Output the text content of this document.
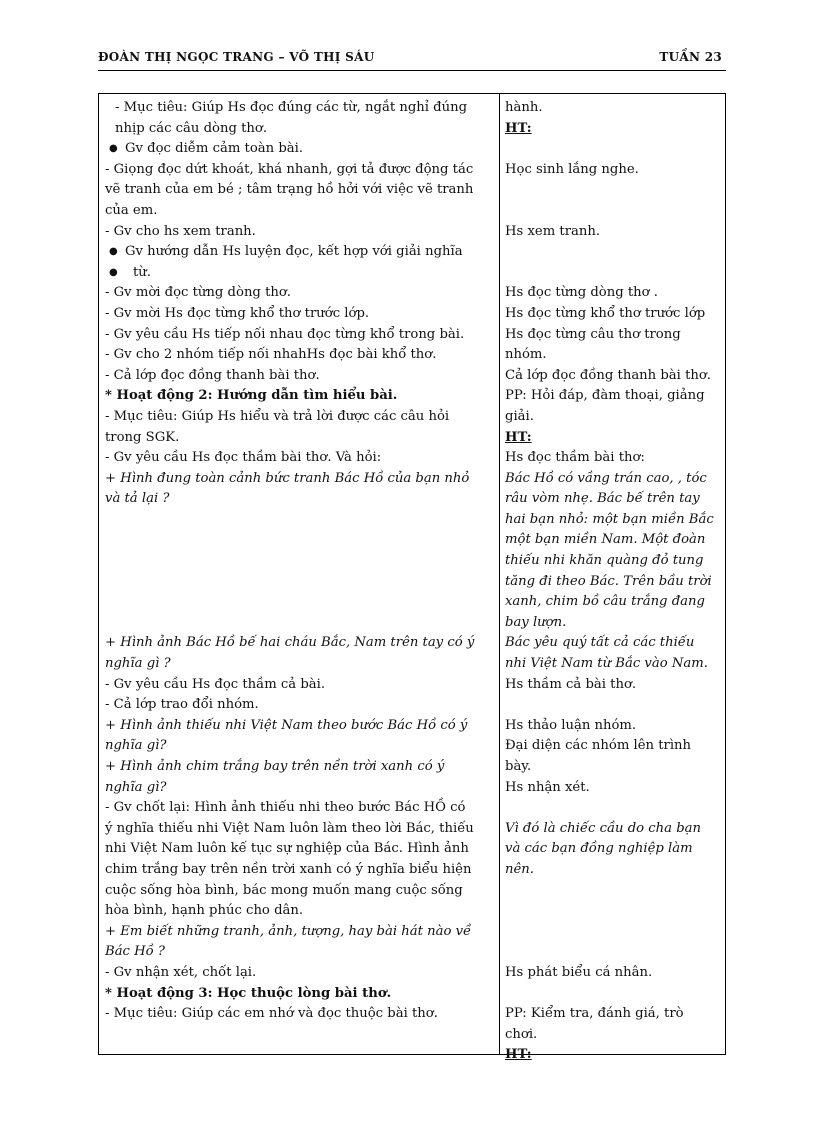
ĐOÀN THỊ NGỌC TRANG – VÕ THỊ SÁU	TUẦN 23
- Mục tiêu: Giúp Hs đọc đúng các từ, ngắt nghỉ đúng
nhịp các câu dòng thơ.
● Gv đọc diễm cảm toàn bài.
- Giọng đọc dứt khoát, khá nhanh, gợi tả được động tác
vẽ tranh của em bé ; tâm trạng hồ hởi với việc vẽ tranh
của em.
- Gv cho hs xem tranh.
● Gv hướng dẫn Hs luyện đọc, kết hợp với giải nghĩa
● từ.
- Gv mời đọc từng dòng thơ.
- Gv mời Hs đọc từng khổ thơ trước lớp.
- Gv yêu cầu Hs tiếp nối nhau đọc từng khổ trong bài.
- Gv cho 2 nhóm tiếp nối nhahHs đọc bài khổ thơ.
- Cả lớp đọc đồng thanh bài thơ.
* Hoạt động 2: Hướng dẫn tìm hiểu bài.
- Mục tiêu: Giúp Hs hiểu và trả lời được các câu hỏi
trong SGK.
- Gv yêu cầu Hs đọc thầm bài thơ. Và hỏi:
+ Hình đung toàn cảnh bức tranh Bác Hồ của bạn nhỏ
và tả lại ?
+ Hình ảnh Bác Hồ bế hai cháu Bắc, Nam trên tay có ý
nghĩa gì ?
- Gv yêu cầu Hs đọc thầm cả bài.
- Cả lớp trao đổi nhóm.
+ Hình ảnh thiếu nhi Việt Nam theo bước Bác Hồ có ý
nghĩa gì?
+ Hình ảnh chim trắng bay trên nền trời xanh có ý
nghĩa gì?
- Gv chốt lại: Hình ảnh thiếu nhi theo bước Bác HỒ có
ý nghĩa thiếu nhi Việt Nam luôn làm theo lời Bác, thiếu
nhi Việt Nam luôn kế tục sự nghiệp của Bác. Hình ảnh
chim trắng bay trên nền trời xanh có ý nghĩa biểu hiện
cuộc sống hòa bình, bác mong muốn mang cuộc sống
hòa bình, hạnh phúc cho dân.
+ Em biết những tranh, ảnh, tượng, hay bài hát nào về
Bác Hồ ?
- Gv nhận xét, chốt lại.
* Hoạt động 3: Học thuộc lòng bài thơ.
- Mục tiêu: Giúp các em nhớ và đọc thuộc bài thơ.
hành.
HT:
Học sinh lắng nghe.
Hs xem tranh.
Hs đọc từng dòng thơ .
Hs đọc từng khổ thơ trước lớp
Hs đọc từng câu thơ trong
nhóm.
Cả lớp đọc đồng thanh bài thơ.
PP: Hỏi đáp, đàm thoại, giảng
giải.
HT:
Hs đọc thầm bài thơ:
Bác Hồ có vầng trán cao, , tóc
râu vòm nhẹ. Bác bế trên tay
hai bạn nhỏ: một bạn miền Bắc
một bạn miền Nam. Một đoàn
thiếu nhi khăn quàng đỏ tung
tăng đi theo Bác. Trên bầu trời
xanh, chim bồ câu trắng đang
bay lượn.
Bác yêu quý tất cả các thiếu
nhi Việt Nam từ Bắc vào Nam.
Hs thầm cả bài thơ.
Hs thảo luận nhóm.
Đại diện các nhóm lên trình
bày.
Hs nhận xét.
Vì đó là chiếc cầu do cha bạn
và các bạn đồng nghiệp làm
nên.
Hs phát biểu cá nhân.
PP: Kiểm tra, đánh giá, trò
chơi.
HT:
